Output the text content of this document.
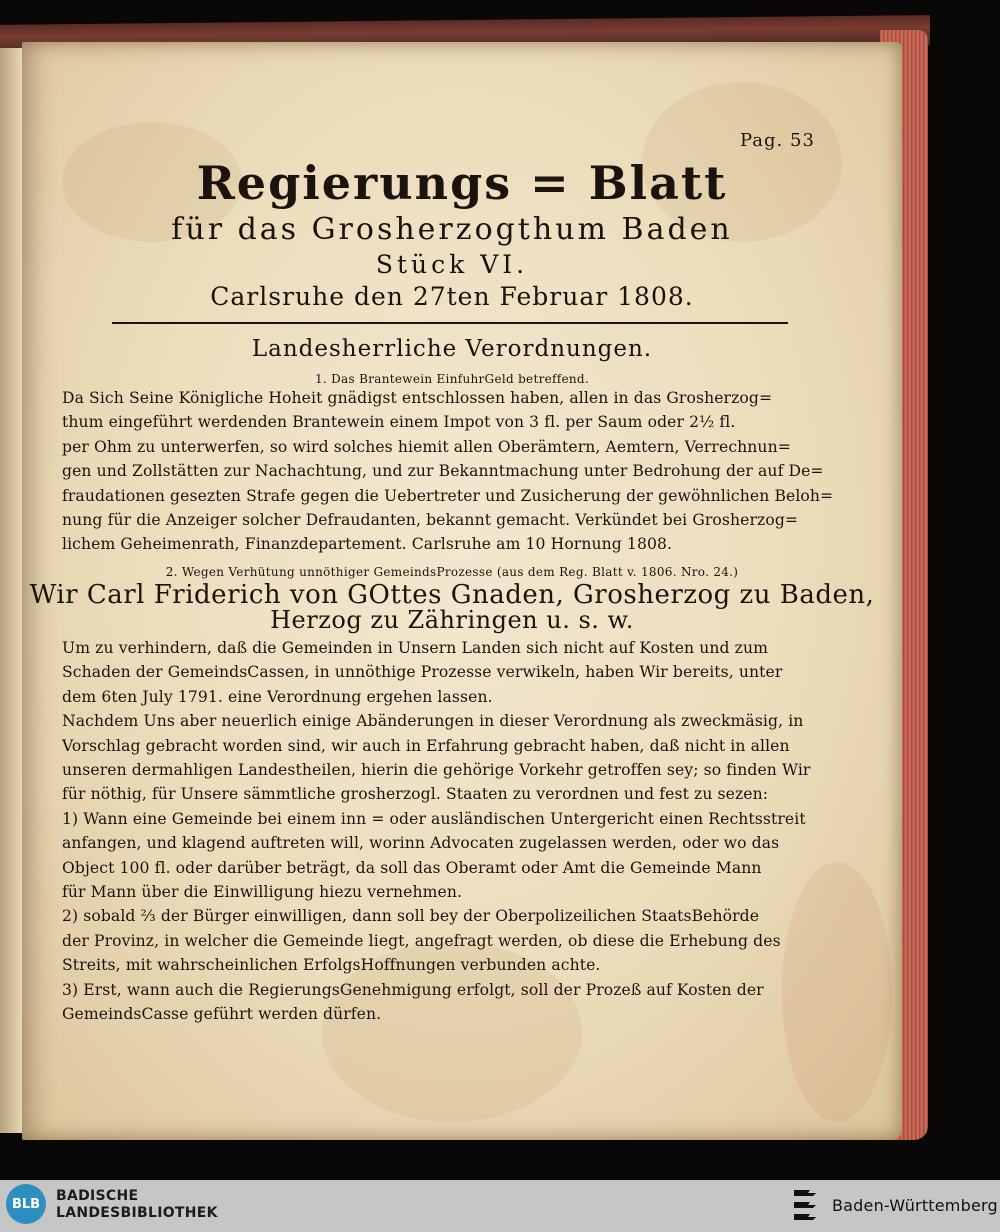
Pag. 53
Regierungs = Blatt
für das Grosherzogthum Baden
Stück VI.
Carlsruhe den 27ten Februar 1808.
Landesherrliche Verordnungen.
1. Das Brantewein EinfuhrGeld betreffend.
Da Sich Seine Königliche Hoheit gnädigst entschlossen haben, allen in das Grosherzog=
thum eingeführt werdenden Brantewein einem Impot von 3 fl. per Saum oder 2½ fl.
per Ohm zu unterwerfen, so wird solches hiemit allen Oberämtern, Aemtern, Verrechnun=
gen und Zollstätten zur Nachachtung, und zur Bekanntmachung unter Bedrohung der auf De=
fraudationen gesezten Strafe gegen die Uebertreter und Zusicherung der gewöhnlichen Beloh=
nung für die Anzeiger solcher Defraudanten, bekannt gemacht. Verkündet bei Grosherzog=
lichem Geheimenrath, Finanzdepartement. Carlsruhe am 10 Hornung 1808.
2. Wegen Verhütung unnöthiger GemeindsProzesse (aus dem Reg. Blatt v. 1806. Nro. 24.)
Wir Carl Friderich von GOttes Gnaden, Grosherzog zu Baden,
Herzog zu Zähringen u. s. w.
Um zu verhindern, daß die Gemeinden in Unsern Landen sich nicht auf Kosten und zum
Schaden der GemeindsCassen, in unnöthige Prozesse verwikeln, haben Wir bereits, unter
dem 6ten July 1791. eine Verordnung ergehen lassen.
Nachdem Uns aber neuerlich einige Abänderungen in dieser Verordnung als zweckmäsig, in
Vorschlag gebracht worden sind, wir auch in Erfahrung gebracht haben, daß nicht in allen
unseren dermahligen Landestheilen, hierin die gehörige Vorkehr getroffen sey; so finden Wir
für nöthig, für Unsere sämmtliche grosherzogl. Staaten zu verordnen und fest zu sezen:
1) Wann eine Gemeinde bei einem inn = oder ausländischen Untergericht einen Rechtsstreit
anfangen, und klagend auftreten will, worinn Advocaten zugelassen werden, oder wo das
Object 100 fl. oder darüber beträgt, da soll das Oberamt oder Amt die Gemeinde Mann
für Mann über die Einwilligung hiezu vernehmen.
2) sobald ⅔ der Bürger einwilligen, dann soll bey der Oberpolizeilichen StaatsBehörde
der Provinz, in welcher die Gemeinde liegt, angefragt werden, ob diese die Erhebung des
Streits, mit wahrscheinlichen ErfolgsHoffnungen verbunden achte.
3) Erst, wann auch die RegierungsGenehmigung erfolgt, soll der Prozeß auf Kosten der
GemeindsCasse geführt werden dürfen.
BLB	BADISCHE
LANDESBIBLIOTHEK	Baden-Württemberg
